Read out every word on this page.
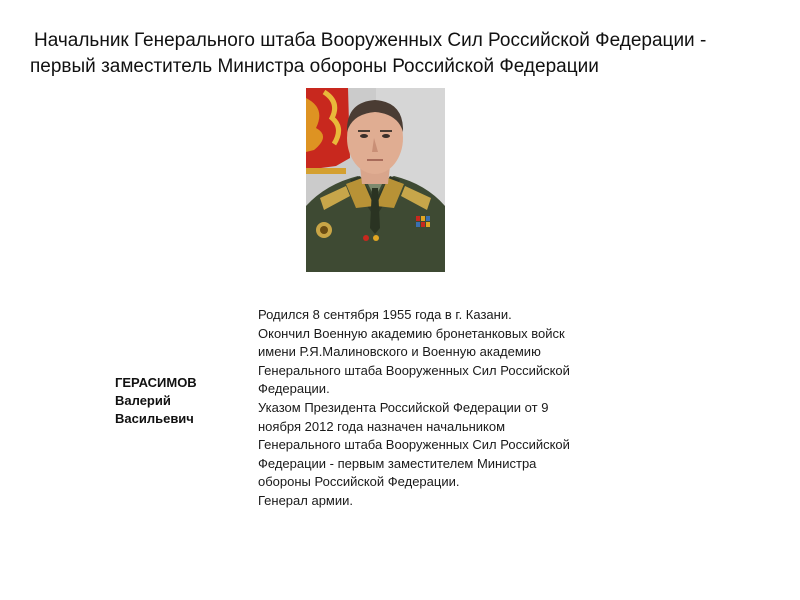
Начальник Генерального штаба Вооруженных Сил Российской Федерации -
первый заместитель Министра обороны Российской Федерации
ГЕРАСИМОВ
Валерий
Васильевич
Родился 8 сентября 1955 года в г. Казани.
Окончил Военную академию бронетанковых войск
имени Р.Я.Малиновского и Военную академию
Генерального штаба Вооруженных Сил Российской
Федерации.
Указом Президента Российской Федерации от 9
ноября 2012 года назначен начальником
Генерального штаба Вооруженных Сил Российской
Федерации - первым заместителем Министра
обороны Российской Федерации.
Генерал армии.
